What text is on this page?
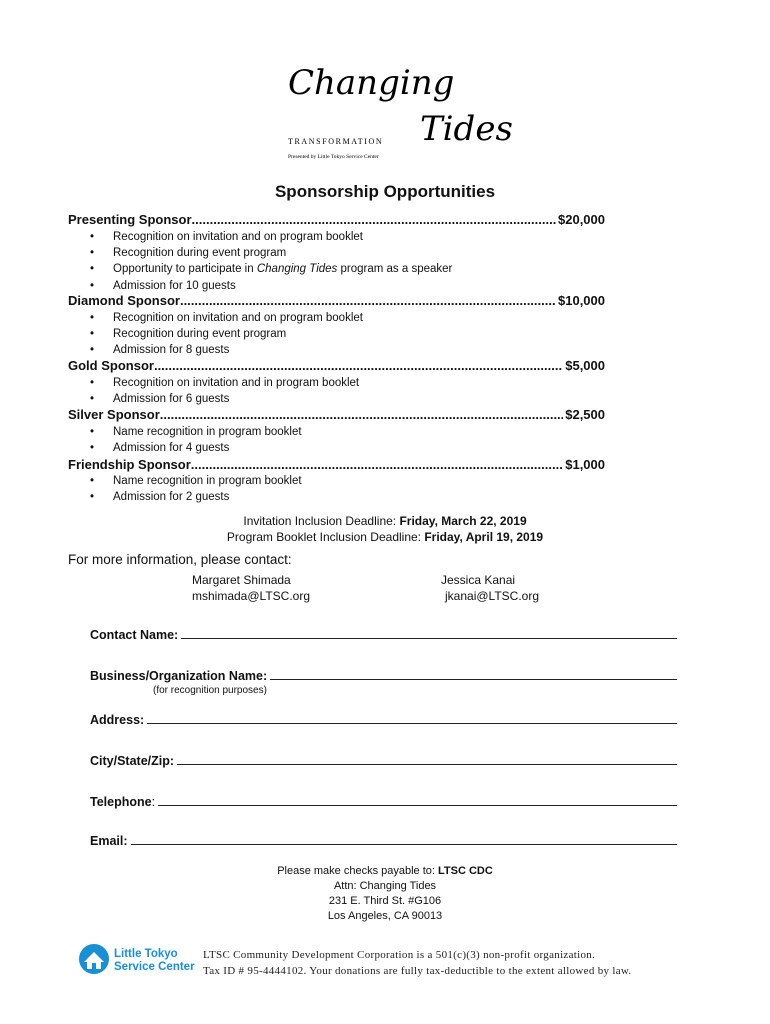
Changing
Tides
TRANSFORMATION
Presented by Little Tokyo Service Center
Sponsorship Opportunities
Presenting Sponsor .....	$20,000
• Recognition on invitation and on program booklet
• Recognition during event program
• Opportunity to participate in Changing Tides program as a speaker
• Admission for 10 guests
Diamond Sponsor .....	$10,000
• Recognition on invitation and on program booklet
• Recognition during event program
• Admission for 8 guests
Gold Sponsor .....	$5,000
• Recognition on invitation and in program booklet
• Admission for 6 guests
Silver Sponsor .....	$2,500
• Name recognition in program booklet
• Admission for 4 guests
Friendship Sponsor .....	$1,000
• Name recognition in program booklet
• Admission for 2 guests
Invitation Inclusion Deadline: Friday, March 22, 2019
Program Booklet Inclusion Deadline: Friday, April 19, 2019
For more information, please contact:
Margaret Shimada
mshimada@LTSC.org
Jessica Kanai
jkanai@LTSC.org
Contact Name:
Business/Organization Name:
(for recognition purposes)
Address:
City/State/Zip:
Telephone:
Email:
Please make checks payable to: LTSC CDC
Attn: Changing Tides
231 E. Third St. #G106
Los Angeles, CA 90013
Little Tokyo
Service Center
LTSC Community Development Corporation is a 501(c)(3) non-profit organization.
Tax ID # 95-4444102. Your donations are fully tax-deductible to the extent allowed by law.
